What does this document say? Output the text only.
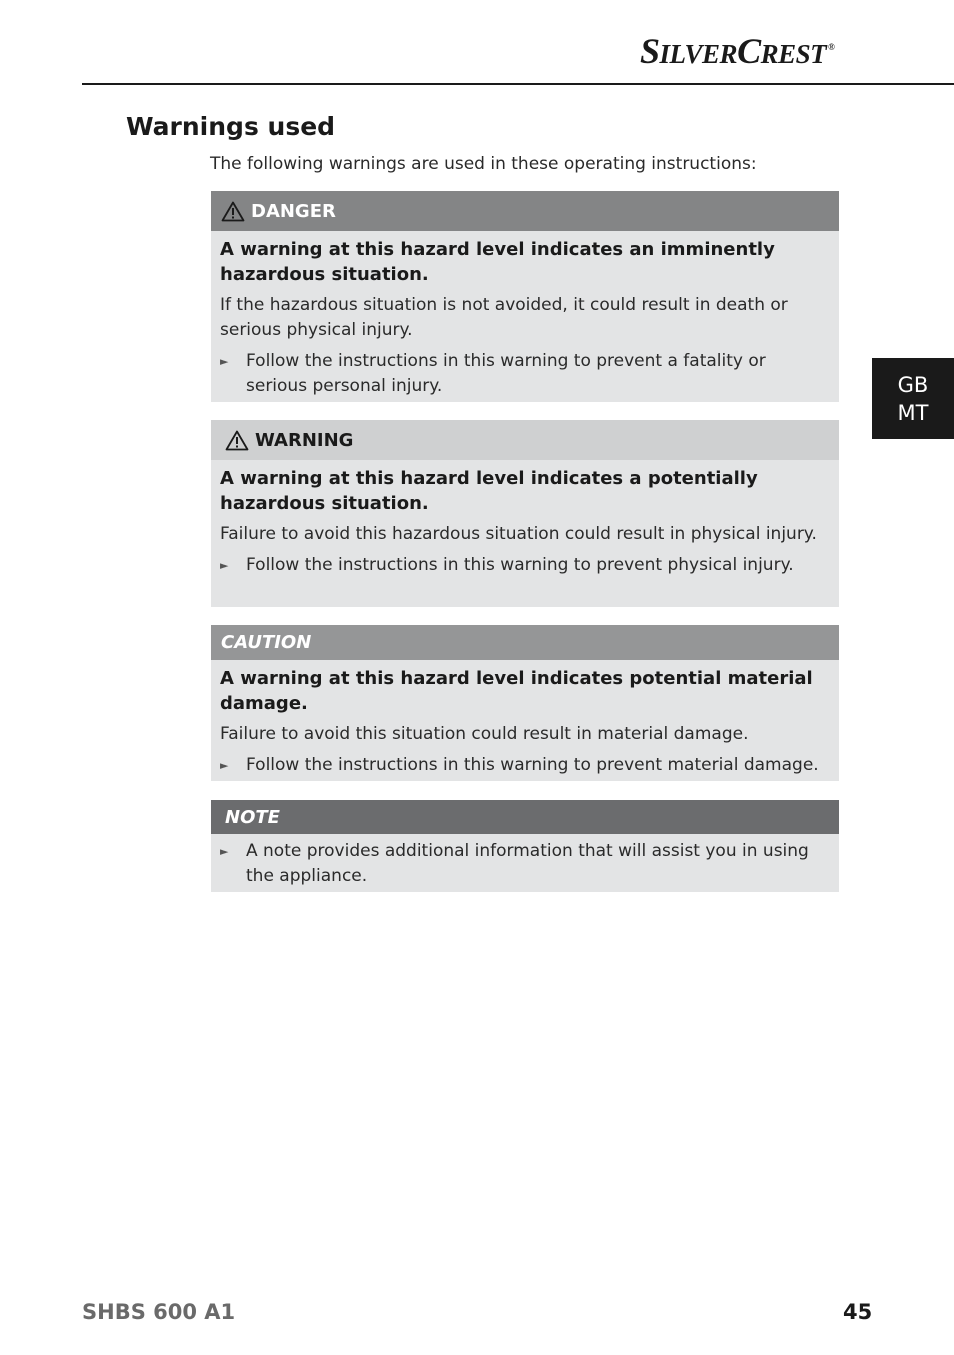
SILVERCREST ®
Warnings used
The following warnings are used in these operating instructions:
GB
MT
DANGER

A warning at this hazard level indicates an imminently hazardous situation.

If the hazardous situation is not avoided, it could result in death or serious physical injury.

►	Follow the instructions in this warning to prevent a fatality or serious personal injury.
WARNING

A warning at this hazard level indicates a potentially hazardous situation.

Failure to avoid this hazardous situation could result in physical injury.

►	Follow the instructions in this warning to prevent physical injury.
CAUTION

A warning at this hazard level indicates potential material damage.

Failure to avoid this situation could result in material damage.

►	Follow the instructions in this warning to prevent material damage.
NOTE
►	A note provides additional information that will assist you in using the appliance.
SHBS 600 A1	45
